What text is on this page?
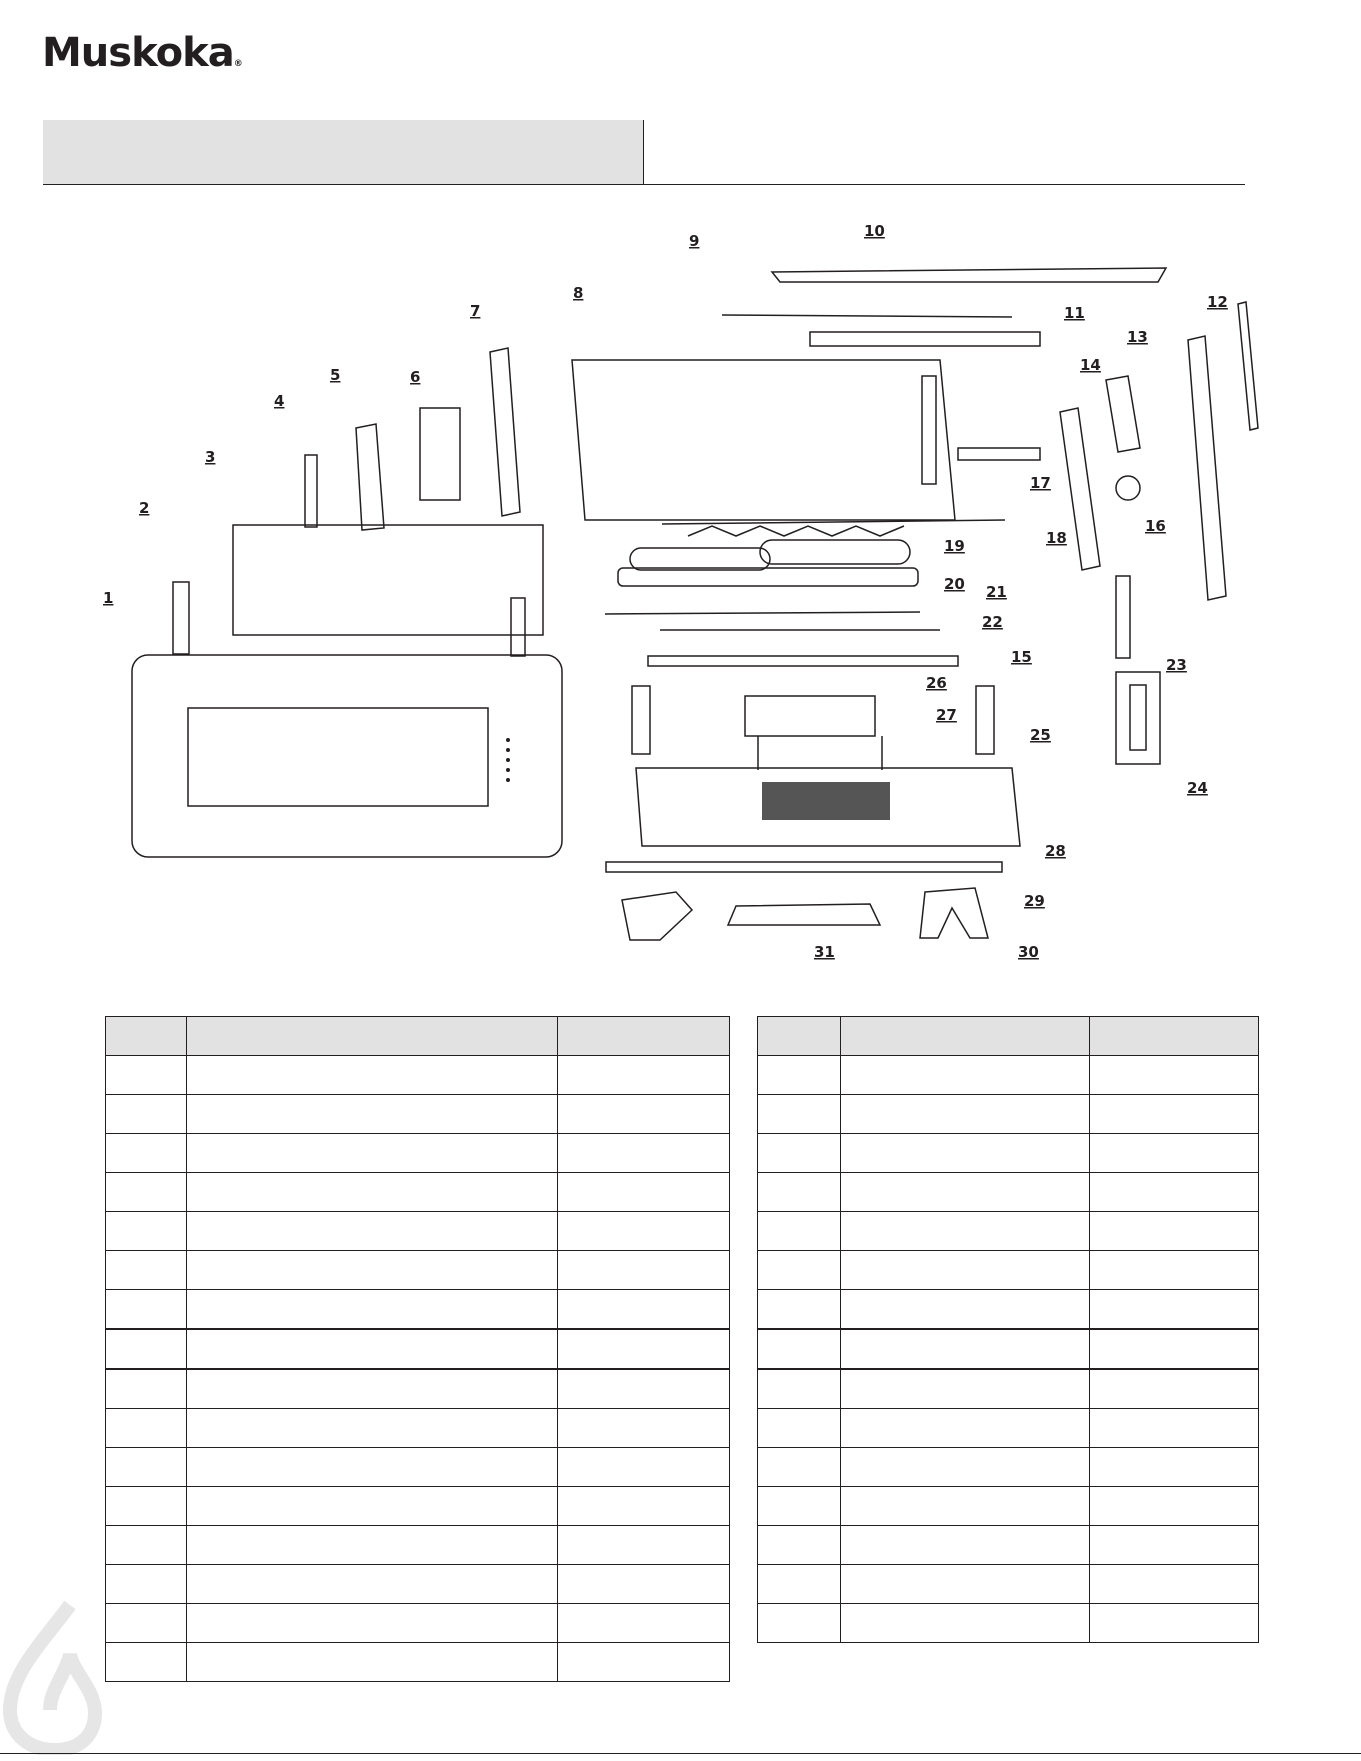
Muskoka®
1
2
3
4
5	6
7
8
9
10
11
12
13
14
15
16
17
18
19
20 21
22
23
24
25
26
27
28
29
30
31
